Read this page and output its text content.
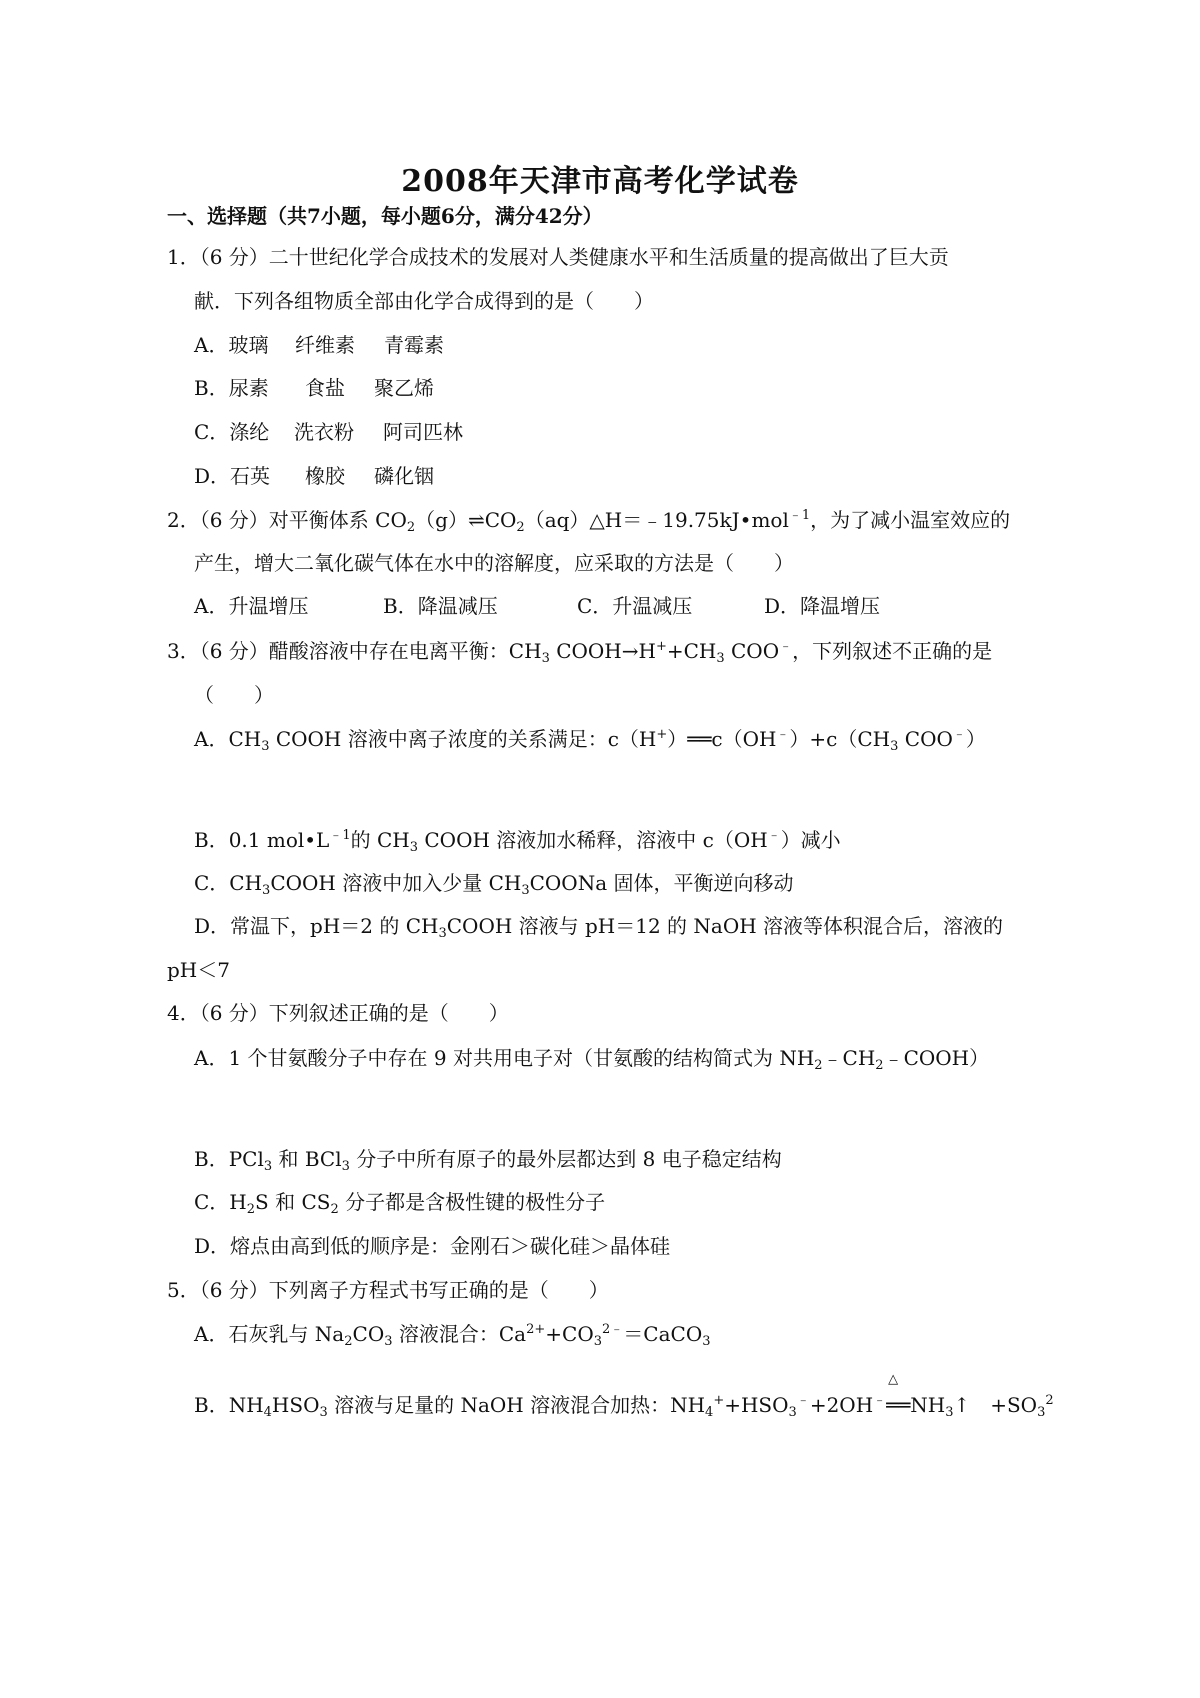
2008年天津市高考化学试卷
一、选择题（共7小题，每小题6分，满分42分）
1．（6 分）二十世纪化学合成技术的发展对人类健康水平和生活质量的提高做出了巨大贡
献．下列各组物质全部由化学合成得到的是（　　）
A．玻璃 纤维素 青霉素
B．尿素 食盐 聚乙烯
C．涤纶 洗衣粉 阿司匹林
D．石英 橡胶 磷化铟
2．（6 分）对平衡体系 $CO_2(g)\rightleftharpoons CO_2(aq)\triangle H=﹣19.75kJ•mol^{﹣1}$，为了减小温室效应的
产生，增大二氧化碳气体在水中的溶解度，应采取的方法是（　　）
A．升温增压	B．降温减压	C．升温减压	D．降温增压
3．（6 分）醋酸溶液中存在电离平衡：$CH_3$ $COOH\to H^++CH_3$ COO﹣，下列叙述不正确的是
（　　）
A．$CH_3$ COOH 溶液中离子浓度的关系满足：$c(H^+)══c(OH^﹣)+c(CH_3$ COO﹣）
B．0.1 $mol•L^{﹣1}$的 $CH_3$ COOH 溶液加水稀释，溶液中 c（OH﹣）减小
C．$CH_3COOH$ 溶液中加入少量 $CH_3COONa$ 固体，平衡逆向移动
D．常温下，pH＝2 的 $CH_3COOH$ 溶液与 pH＝12 的 NaOH 溶液等体积混合后，溶液的
pH＜7
4．（6 分）下列叙述正确的是（　　）
A．1 个甘氨酸分子中存在 9 对共用电子对（甘氨酸的结构简式为 $NH_2﹣CH_2﹣COOH$）
B．PCl$_3$ 和 BCl$_3$ 分子中所有原子的最外层都达到 8 电子稳定结构
C．$H_2S$ 和 $CS_2$ 分子都是含极性键的极性分子
D．熔点由高到低的顺序是：金刚石＞碳化硅＞晶体硅
5．（6 分）下列离子方程式书写正确的是（　　）
A．石灰乳与 $Na_2CO_3$ 溶液混合：$Ca^{2+}+CO_3^{2﹣}=CaCO_3$
B．$NH_4HSO_3$ 溶液与足量的 NaOH 溶液混合加热：$NH_4^++HSO_3^﹣+2OH^﹣$
△
$══NH_3↑$　$+SO_3^2$
